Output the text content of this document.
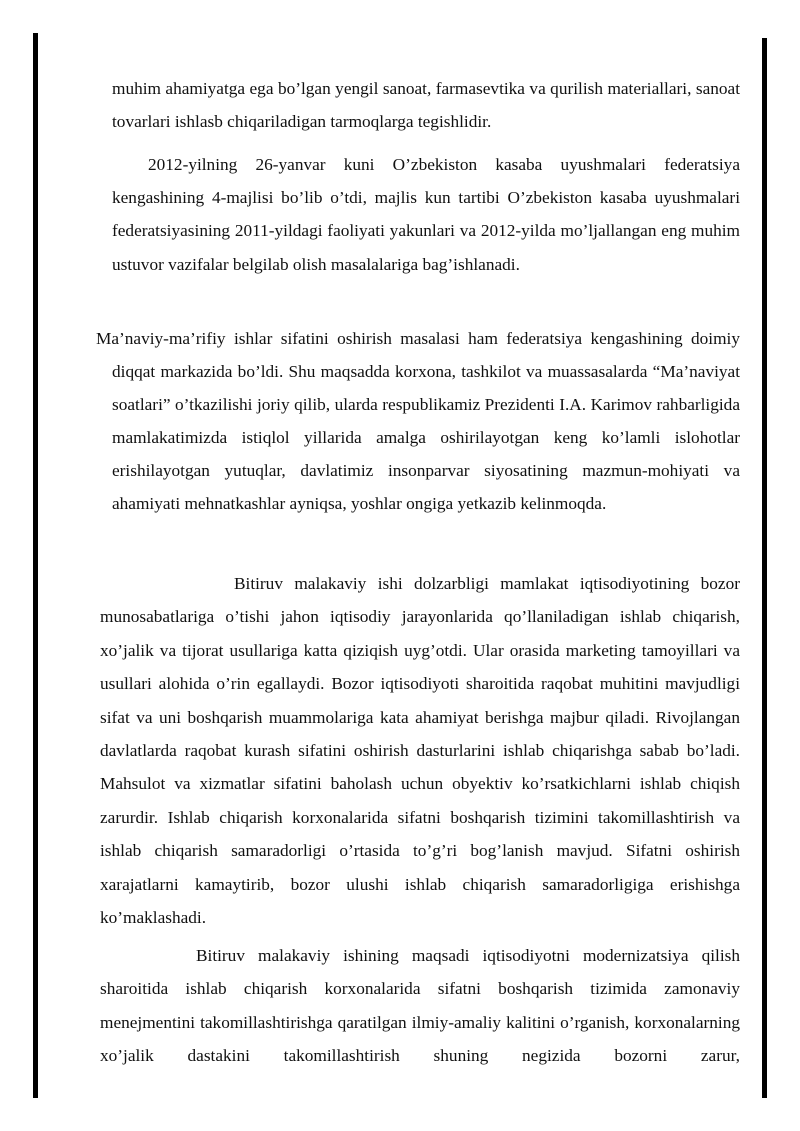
muhim ahamiyatga ega bo’lgan yengil sanoat, farmasevtika va qurilish materiallari, sanoat tovarlari ishlasb chiqariladigan tarmoqlarga tegishlidir.

2012-yilning 26-yanvar kuni O’zbekiston kasaba uyushmalari federatsiya kengashining 4-majlisi bo’lib o’tdi, majlis kun tartibi O’zbekiston kasaba uyushmalari federatsiyasining 2011-yildagi faoliyati yakunlari va 2012-yilda mo’ljallangan eng muhim ustuvor vazifalar belgilab olish masalalariga bag’ishlanadi.

Ma’naviy-ma’rifiy ishlar sifatini oshirish masalasi ham federatsiya kengashining doimiy diqqat markazida bo’ldi. Shu maqsadda korxona, tashkilot va muassasalarda “Ma’naviyat soatlari” o’tkazilishi joriy qilib, ularda respublikamiz Prezidenti I.A. Karimov rahbarligida mamlakatimizda istiqlol yillarida amalga oshirilayotgan keng ko’lamli islohotlar erishilayotgan yutuqlar, davlatimiz insonparvar siyosatining mazmun-mohiyati va ahamiyati mehnatkashlar ayniqsa, yoshlar ongiga yetkazib kelinmoqda.

Bitiruv malakaviy ishi dolzarbligi mamlakat iqtisodiyotining bozor munosabatlariga o’tishi jahon iqtisodiy jarayonlarida qo’llaniladigan ishlab chiqarish, xo’jalik va tijorat usullariga katta qiziqish uyg’otdi. Ular orasida marketing tamoyillari va usullari alohida o’rin egallaydi. Bozor iqtisodiyoti sharoitida raqobat muhitini mavjudligi sifat va uni boshqarish muammolariga kata ahamiyat berishga majbur qiladi. Rivojlangan davlatlarda raqobat kurash sifatini oshirish dasturlarini ishlab chiqarishga sabab bo’ladi. Mahsulot va xizmatlar sifatini baholash uchun obyektiv ko’rsatkichlarni ishlab chiqish zarurdir. Ishlab chiqarish korxonalarida sifatni boshqarish tizimini takomillashtirish va ishlab chiqarish samaradorligi o’rtasida to’g’ri bog’lanish mavjud. Sifatni oshirish xarajatlarni kamaytirib, bozor ulushi ishlab chiqarish samaradorligiga erishishga ko’maklashadi.

Bitiruv malakaviy ishining maqsadi iqtisodiyotni modernizatsiya qilish sharoitida ishlab chiqarish korxonalarida sifatni boshqarish tizimida zamonaviy menejmentini takomillashtirishga qaratilgan ilmiy-amaliy kalitini o’rganish, korxonalarning xo’jalik dastakini takomillashtirish shuning negizida bozorni zarur,
